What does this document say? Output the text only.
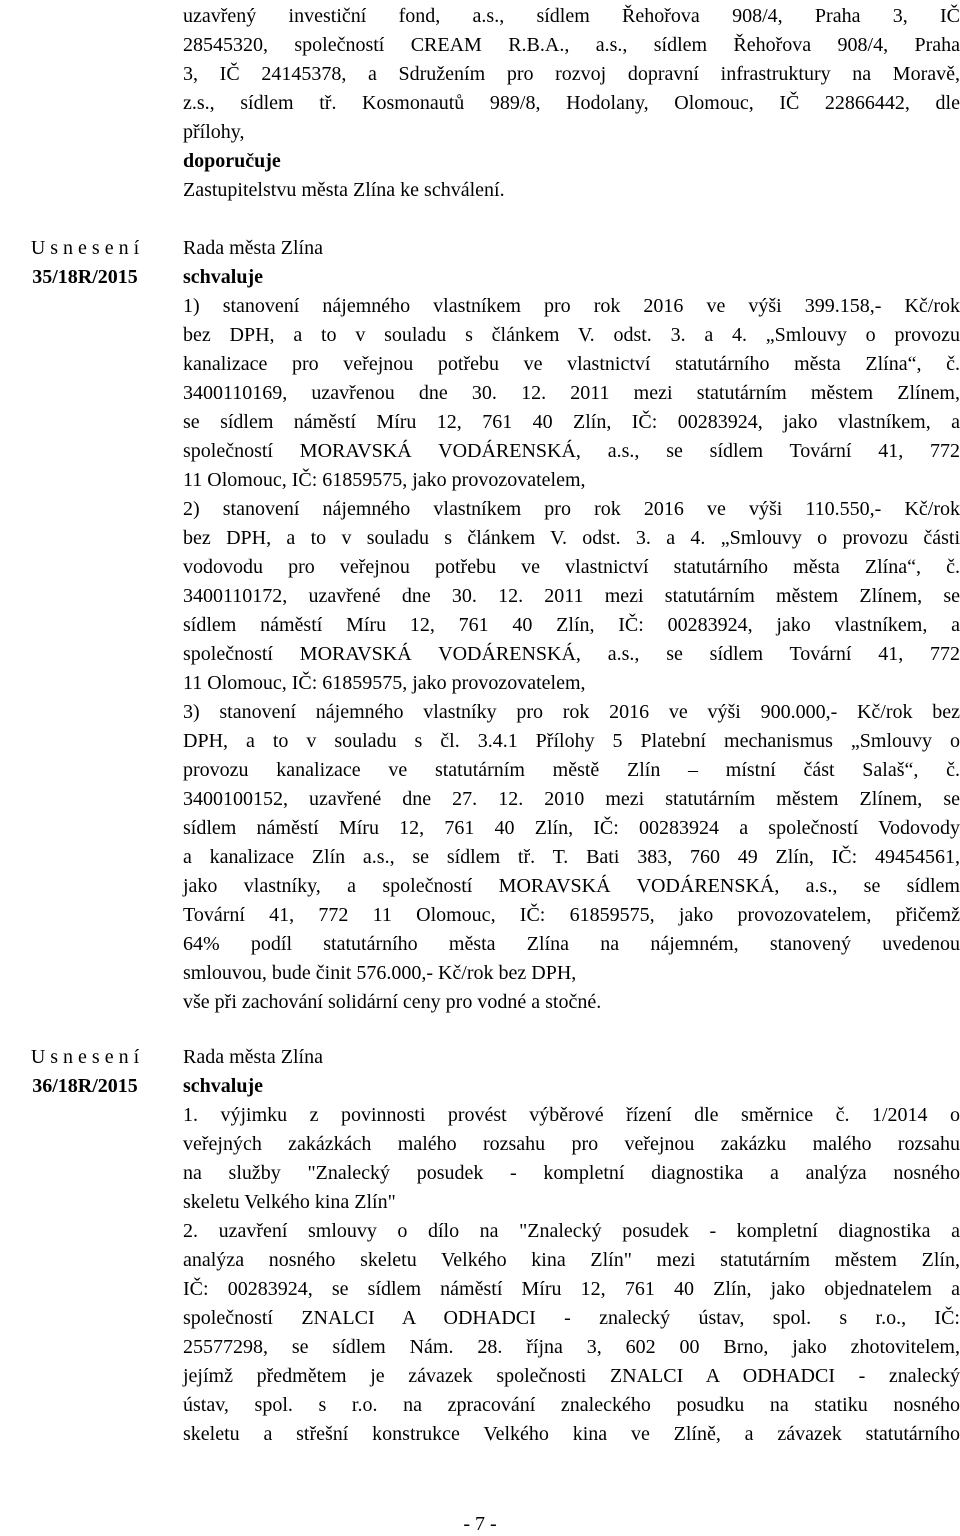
uzavřený investiční fond, a.s., sídlem Řehořova 908/4, Praha 3, IČ
28545320, společností CREAM R.B.A., a.s., sídlem Řehořova 908/4, Praha
3, IČ 24145378, a Sdružením pro rozvoj dopravní infrastruktury na Moravě,
z.s., sídlem tř. Kosmonautů 989/8, Hodolany, Olomouc, IČ 22866442, dle
přílohy,
doporučuje
Zastupitelstvu města Zlína ke schválení.
U s n e s e n í
35/18R/2015
Rada města Zlína
schvaluje
1) stanovení nájemného vlastníkem pro rok 2016 ve výši 399.158,- Kč/rok
bez DPH, a to v souladu s článkem V. odst. 3. a 4. „Smlouvy o provozu
kanalizace pro veřejnou potřebu ve vlastnictví statutárního města Zlína“, č.
3400110169, uzavřenou dne 30. 12. 2011 mezi statutárním městem Zlínem,
se sídlem náměstí Míru 12, 761 40 Zlín, IČ: 00283924, jako vlastníkem, a
společností MORAVSKÁ VODÁRENSKÁ, a.s., se sídlem Tovární 41, 772
11 Olomouc, IČ: 61859575, jako provozovatelem,
2) stanovení nájemného vlastníkem pro rok 2016 ve výši 110.550,- Kč/rok
bez DPH, a to v souladu s článkem V. odst. 3. a 4. „Smlouvy o provozu části
vodovodu pro veřejnou potřebu ve vlastnictví statutárního města Zlína“, č.
3400110172, uzavřené dne 30. 12. 2011 mezi statutárním městem Zlínem, se
sídlem náměstí Míru 12, 761 40 Zlín, IČ: 00283924, jako vlastníkem, a
společností MORAVSKÁ VODÁRENSKÁ, a.s., se sídlem Tovární 41, 772
11 Olomouc, IČ: 61859575, jako provozovatelem,
3) stanovení nájemného vlastníky pro rok 2016 ve výši 900.000,- Kč/rok bez
DPH, a to v souladu s čl. 3.4.1 Přílohy 5 Platební mechanismus „Smlouvy o
provozu kanalizace ve statutárním městě Zlín – místní část Salaš“, č.
3400100152, uzavřené dne 27. 12. 2010 mezi statutárním městem Zlínem, se
sídlem náměstí Míru 12, 761 40 Zlín, IČ: 00283924 a společností Vodovody
a kanalizace Zlín a.s., se sídlem tř. T. Bati 383, 760 49 Zlín, IČ: 49454561,
jako vlastníky, a společností MORAVSKÁ VODÁRENSKÁ, a.s., se sídlem
Tovární 41, 772 11 Olomouc, IČ: 61859575, jako provozovatelem, přičemž
64% podíl statutárního města Zlína na nájemném, stanovený uvedenou
smlouvou, bude činit 576.000,- Kč/rok bez DPH,
vše při zachování solidární ceny pro vodné a stočné.
U s n e s e n í
36/18R/2015
Rada města Zlína
schvaluje
1. výjimku z povinnosti provést výběrové řízení dle směrnice č. 1/2014 o
veřejných zakázkách malého rozsahu pro veřejnou zakázku malého rozsahu
na služby "Znalecký posudek - kompletní diagnostika a analýza nosného
skeletu Velkého kina Zlín"
2. uzavření smlouvy o dílo na "Znalecký posudek - kompletní diagnostika a
analýza nosného skeletu Velkého kina Zlín" mezi statutárním městem Zlín,
IČ: 00283924, se sídlem náměstí Míru 12, 761 40 Zlín, jako objednatelem a
společností ZNALCI A ODHADCI - znalecký ústav, spol. s r.o., IČ:
25577298, se sídlem Nám. 28. října 3, 602 00 Brno, jako zhotovitelem,
jejímž předmětem je závazek společnosti ZNALCI A ODHADCI - znalecký
ústav, spol. s r.o. na zpracování znaleckého posudku na statiku nosného
skeletu a střešní konstrukce Velkého kina ve Zlíně, a závazek statutárního
- 7 -
